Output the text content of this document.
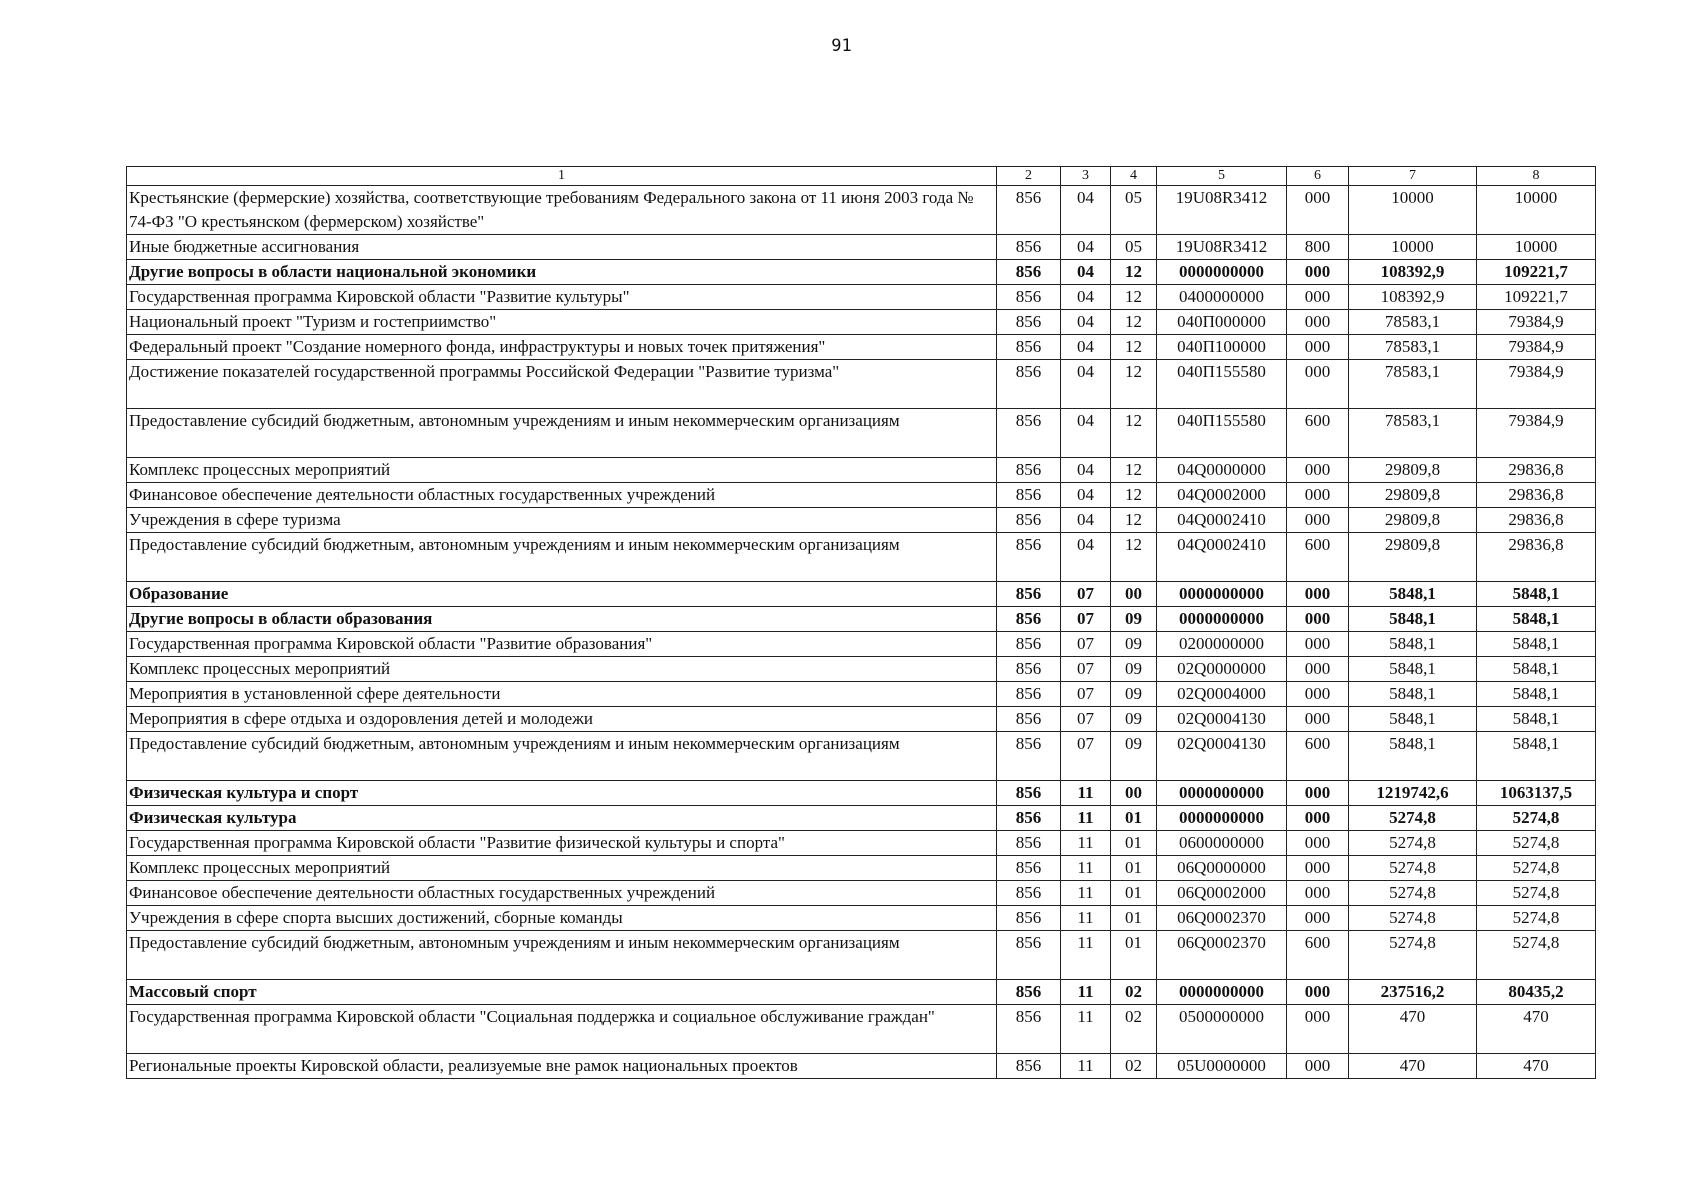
91
1	2	3	4	5	6	7	8
Крестьянские (фермерские) хозяйства, соответствующие требованиям Федерального закона от 11 июня 2003 года № 74-ФЗ "О крестьянском (фермерском) хозяйстве"	856	04	05	19U08R3412	000	10000	10000
Иные бюджетные ассигнования	856	04	05	19U08R3412	800	10000	10000
Другие вопросы в области национальной экономики	856	04	12	0000000000	000	108392,9	109221,7
Государственная программа Кировской области "Развитие культуры"	856	04	12	0400000000	000	108392,9	109221,7
Национальный проект "Туризм и гостеприимство"	856	04	12	040П000000	000	78583,1	79384,9
Федеральный проект "Создание номерного фонда, инфраструктуры и новых точек притяжения"	856	04	12	040П100000	000	78583,1	79384,9
Достижение показателей государственной программы Российской Федерации "Развитие туризма"	856	04	12	040П155580	000	78583,1	79384,9
Предоставление субсидий бюджетным, автономным учреждениям и иным некоммерческим организациям	856	04	12	040П155580	600	78583,1	79384,9
Комплекс процессных мероприятий	856	04	12	04Q0000000	000	29809,8	29836,8
Финансовое обеспечение деятельности областных государственных учреждений	856	04	12	04Q0002000	000	29809,8	29836,8
Учреждения в сфере туризма	856	04	12	04Q0002410	000	29809,8	29836,8
Предоставление субсидий бюджетным, автономным учреждениям и иным некоммерческим организациям	856	04	12	04Q0002410	600	29809,8	29836,8
Образование	856	07	00	0000000000	000	5848,1	5848,1
Другие вопросы в области образования	856	07	09	0000000000	000	5848,1	5848,1
Государственная программа Кировской области "Развитие образования"	856	07	09	0200000000	000	5848,1	5848,1
Комплекс процессных мероприятий	856	07	09	02Q0000000	000	5848,1	5848,1
Мероприятия в установленной сфере деятельности	856	07	09	02Q0004000	000	5848,1	5848,1
Мероприятия в сфере отдыха и оздоровления детей и молодежи	856	07	09	02Q0004130	000	5848,1	5848,1
Предоставление субсидий бюджетным, автономным учреждениям и иным некоммерческим организациям	856	07	09	02Q0004130	600	5848,1	5848,1
Физическая культура и спорт	856	11	00	0000000000	000	1219742,6	1063137,5
Физическая культура	856	11	01	0000000000	000	5274,8	5274,8
Государственная программа Кировской области "Развитие физической культуры и спорта"	856	11	01	0600000000	000	5274,8	5274,8
Комплекс процессных мероприятий	856	11	01	06Q0000000	000	5274,8	5274,8
Финансовое обеспечение деятельности областных государственных учреждений	856	11	01	06Q0002000	000	5274,8	5274,8
Учреждения в сфере спорта высших достижений, сборные команды	856	11	01	06Q0002370	000	5274,8	5274,8
Предоставление субсидий бюджетным, автономным учреждениям и иным некоммерческим организациям	856	11	01	06Q0002370	600	5274,8	5274,8
Массовый спорт	856	11	02	0000000000	000	237516,2	80435,2
Государственная программа Кировской области "Социальная поддержка и социальное обслуживание граждан"	856	11	02	0500000000	000	470	470
Региональные проекты Кировской области, реализуемые вне рамок национальных проектов	856	11	02	05U0000000	000	470	470
